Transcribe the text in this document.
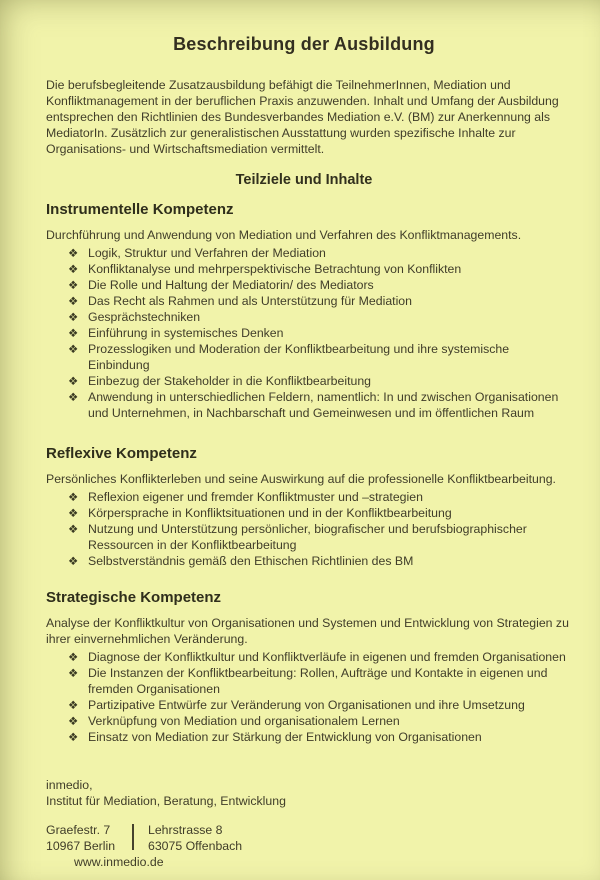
Beschreibung der Ausbildung

Die berufsbegleitende Zusatzausbildung befähigt die TeilnehmerInnen, Mediation und Konfliktmanagement in der beruflichen Praxis anzuwenden. Inhalt und Umfang der Ausbildung entsprechen den Richtlinien des Bundesverbandes Mediation e.V. (BM) zur Anerkennung als MediatorIn. Zusätzlich zur generalistischen Ausstattung wurden spezifische Inhalte zur Organisations- und Wirtschaftsmediation vermittelt.

Teilziele und Inhalte
Instrumentelle Kompetenz

Durchführung und Anwendung von Mediation und Verfahren des Konfliktmanagements.

❖ Logik, Struktur und Verfahren der Mediation
❖ Konfliktanalyse und mehrperspektivische Betrachtung von Konflikten
❖ Die Rolle und Haltung der Mediatorin/ des Mediators
❖ Das Recht als Rahmen und als Unterstützung für Mediation
❖ Gesprächstechniken
❖ Einführung in systemisches Denken
❖ Prozesslogiken und Moderation der Konfliktbearbeitung und ihre systemische Einbindung
❖ Einbezug der Stakeholder in die Konfliktbearbeitung
❖ Anwendung in unterschiedlichen Feldern, namentlich: In und zwischen Organisationen und Unternehmen, in Nachbarschaft und Gemeinwesen und im öffentlichen Raum
Reflexive Kompetenz

Persönliches Konflikterleben und seine Auswirkung auf die professionelle Konfliktbearbeitung.

❖ Reflexion eigener und fremder Konfliktmuster und –strategien
❖ Körpersprache in Konfliktsituationen und in der Konfliktbearbeitung
❖ Nutzung und Unterstützung persönlicher, biografischer und berufsbiographischer Ressourcen in der Konfliktbearbeitung
❖ Selbstverständnis gemäß den Ethischen Richtlinien des BM
Strategische Kompetenz

Analyse der Konfliktkultur von Organisationen und Systemen und Entwicklung von Strategien zu ihrer einvernehmlichen Veränderung.

❖ Diagnose der Konfliktkultur und Konfliktverläufe in eigenen und fremden Organisationen
❖ Die Instanzen der Konfliktbearbeitung: Rollen, Aufträge und Kontakte in eigenen und fremden Organisationen
❖ Partizipative Entwürfe zur Veränderung von Organisationen und ihre Umsetzung
❖ Verknüpfung von Mediation und organisationalem Lernen
❖ Einsatz von Mediation zur Stärkung der Entwicklung von Organisationen

inmedio,

Institut für Mediation, Beratung, Entwicklung

Graefestr. 7

10967 Berlin

Lehrstrasse 8

63075 Offenbach

www.inmedio.de
